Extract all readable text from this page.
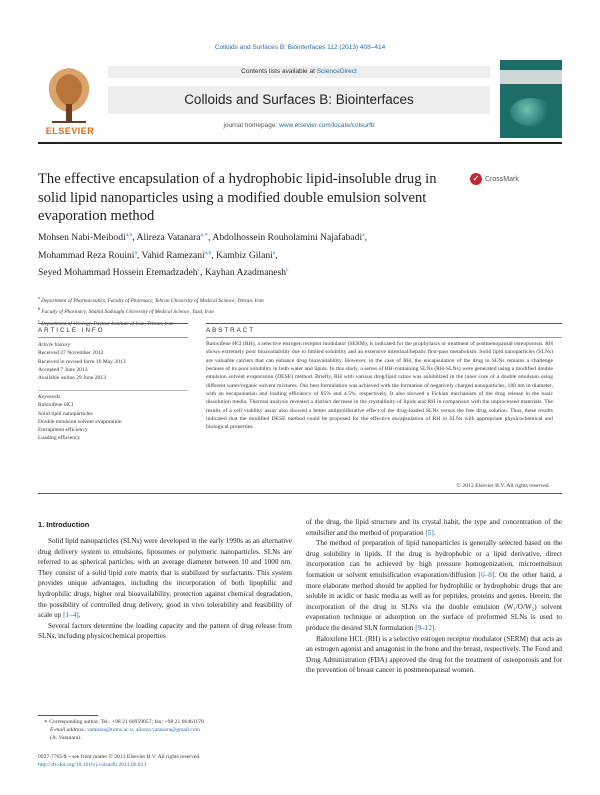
Colloids and Surfaces B: Biointerfaces 112 (2013) 408–414
ELSEVIER
Contents lists available at ScienceDirect
Colloids and Surfaces B: Biointerfaces
journal homepage: www.elsevier.com/locate/colsurfb
The effective encapsulation of a hydrophobic lipid-insoluble drug in solid lipid nanoparticles using a modified double emulsion solvent evaporation method
✓ CrossMark
Mohsen Nabi-Meibodi$^{a,b}$, Alireza Vatanara$^{a,∗}$, Abdolhossein Rouholamini Najafabadi$^a$,
Mohammad Reza Rouini$^a$, Vahid Ramezani$^{a,b}$, Kambiz Gilani$^a$,
Seyed Mohammad Hossein Etemadzadeh$^c$, Kayhan Azadmanesh$^c$
$^a$ Department of Pharmaceutics, Faculty of Pharmacy, Tehran University of Medical Science, Tehran, Iran
$^b$ Faculty of Pharmacy, Shahid Sadoughi University of Medical Science, Yazd, Iran
$^c$
ARTICLE INFO	ABSTRACT
Article history:
Received 27 November 2012
Received in revised form 16 May 2013
Accepted 7 June 2013
Available online 29 June 2013
Keywords:
Raloxifene HCl
Solid lipid nanoparticles
Double emulsion solvent evaporation
Entrapment efficiency
Loading efficiency
Raloxifene HCl (RH), a selective estrogen receptor modulator (SERM), is indicated for the prophylaxis or treatment of postmenopausal osteoporosis. RH shows extremely poor bioavailability due to limited solubility and an extensive intestinal/hepatic first-pass metabolism. Solid lipid nanoparticles (SLNs) are valuable carriers that can enhance drug bioavailability. However, in the case of RH, the encapsulation of the drug in SLNs remains a challenge because of its poor solubility in both water and lipids. In this study, a series of RH-containing SLNs (RH-SLNs) were generated using a modified double emulsion solvent evaporation (DESE) method. Briefly, RH with various drug/lipid ratios was solubilized in the inner core of a double emulsion using different water/organic solvent mixtures. Our best formulation was achieved with the formation of negatively charged nanoparticles, 180 nm in diameter, with an encapsulation and loading efficiency of 85% and 4.5%, respectively. It also showed a Fickian mechanism of the drug release in the basic dissolution media. Thermal analysis revealed a distinct decrease in the crystallinity of lipids and RH in comparison with the unprocessed materials. The results of a cell viability assay also showed a better antiproliferative effect of the drug-loaded SLNs versus the free drug solution. Thus, these results indicated that the modified DESE method could be proposed for the effective encapsulation of RH in SLNs with appropriate physicochemical and biological properties.
© 2013 Elsevier B.V. All rights reserved.
1. Introduction

Solid lipid nanoparticles (SLNs) were developed in the early 1990s as an alternative drug delivery system to emulsions, liposomes or polymeric nanoparticles. SLNs are referred to as spherical particles, with an average diameter between 10 and 1000 nm. They consist of a solid lipid core matrix that is stabilized by surfactants. This system provides unique advantages, including the incorporation of both lipophilic and hydrophilic drugs, higher oral bioavailability, protection against chemical degradation, the possibility of controlled drug delivery, good in vivo tolerability and feasibility of scale up [1–4].

Several factors determine the loading capacity and the pattern of drug release from SLNs, including physicochemical properties

of the drug, the lipid structure and its crystal habit, the type and concentration of the emulsifier and the method of preparation [5].

The method of preparation of lipid nanoparticles is generally selected based on the drug solubility in lipids. If the drug is hydrophobic or a lipid derivative, direct incorporation can be achieved by high pressure homogenization, microemulsion formation or solvent emulsification evaporation/diffusion [6–8]. On the other hand, a more elaborate method should be applied for hydrophilic or hydrophobic drugs that are soluble in acidic or basic media as well as for peptides, proteins and genes. Herein, the incorporation of the drug in SLNs via the double emulsion (W₁/O/W₂) solvent evaporation technique or adsorption on the surface of preformed SLNs is used to produce the desired SLN formulation [9–12].

Raloxifene HCL (RH) is a selective estrogen receptor modulator (SERM) that acts as an estrogen agonist and antagonist in the bone and the breast, respectively. The Food and Drug Administration (FDA) approved the drug for the treatment of osteoporosis and for the prevention of breast cancer in postmenopausal women.

∗ Corresponding author. Tel.: +98 21 66959057; fax: +98 21 66461178.
E-mail address: vatanara@tums.ac.ir, alireza.vatanara@gmail.com
(A. Vatanara).
0927-7765/$ – see front matter © 2013 Elsevier B.V. All rights reserved.
http://dx.doi.org/10.1016/j.colsurfb.2013.06.013
